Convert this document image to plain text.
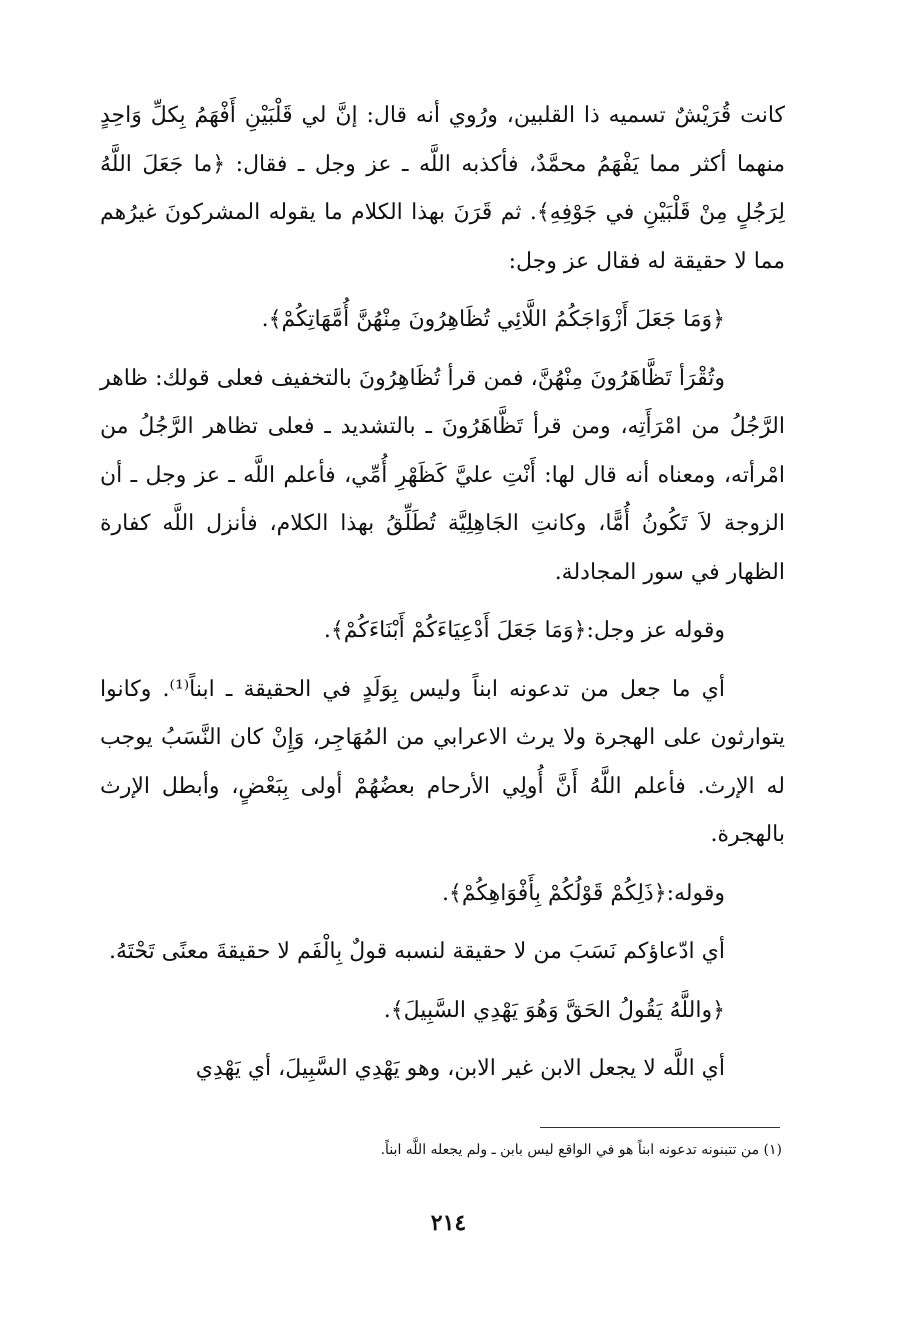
كانت قُرَيْشٌ تسميه ذا القلبين، ورُوي أنه قال: إنَّ لي قَلْبَيْنِ أَفْهَمُ بِكلِّ وَاحِدٍ منهما أكثر مما يَفْهَمُ محمَّدٌ، فأكذبه اللَّه ـ عز وجل ـ فقال: ﴿ما جَعَلَ اللَّهُ لِرَجُلٍ مِنْ قَلْبَيْنِ في جَوْفِهِ﴾. ثم قَرَنَ بهذا الكلام ما يقوله المشركونَ غيرُهم مما لا حقيقة له فقال عز وجل:

﴿وَمَا جَعَلَ أَزْوَاجَكُمُ اللَّائِي تُظَاهِرُونَ مِنْهُنَّ أُمَّهَاتِكُمْ﴾.

وتُقْرَأ تَظَّاهَرُونَ مِنْهُنَّ، فمن قرأ تُظَاهِرُونَ بالتخفيف فعلى قولك: ظاهر الرَّجُلُ من امْرَأَتِه، ومن قرأ تَظَّاهَرُونَ ـ بالتشديد ـ فعلى تظاهر الرَّجُلُ من امْرأته، ومعناه أنه قال لها: أَنْتِ عليَّ كَظَهْرِ أُمِّي، فأعلم اللَّه ـ عز وجل ـ أن الزوجة لاَ تَكُونُ أُمًّا، وكانتِ الجَاهِلِيَّة تُطَلِّقُ بهذا الكلام، فأنزل اللَّه كفارة الظهار في سور المجادلة.

وقوله عز وجل:﴿وَمَا جَعَلَ أَدْعِيَاءَكُمْ أَبْنَاءَكُمْ﴾.

أي ما جعل من تدعونه ابناً وليس بِوَلَدٍ في الحقيقة ـ ابناً⁽¹⁾. وكانوا يتوارثون على الهجرة ولا يرث الاعرابي من المُهَاجِر، وَإِنْ كان النَّسَبُ يوجب له الإرث. فأعلم اللَّهُ أَنَّ أُولِي الأرحام بعضُهُمْ أولى بِبَعْضٍ، وأبطل الإرث بالهجرة.

وقوله:﴿ذَلِكُمْ قَوْلُكُمْ بِأَفْوَاهِكُمْ﴾.

أي ادّعاؤكم نَسَبَ من لا حقيقة لنسبه قولٌ بِالْفَم لا حقيقةَ معنًى تَحْتَهُ.

﴿واللَّهُ يَقُولُ الحَقَّ وَهُوَ يَهْدِي السَّبِيلَ﴾.

أي اللَّه لا يجعل الابن غير الابن، وهو يَهْدِي السَّبِيلَ، أي يَهْدِي

(١) من تتبنونه تدعونه ابناً هو في الواقع ليس بابن ـ ولم يجعله اللَّه ابناً.
٢١٤
